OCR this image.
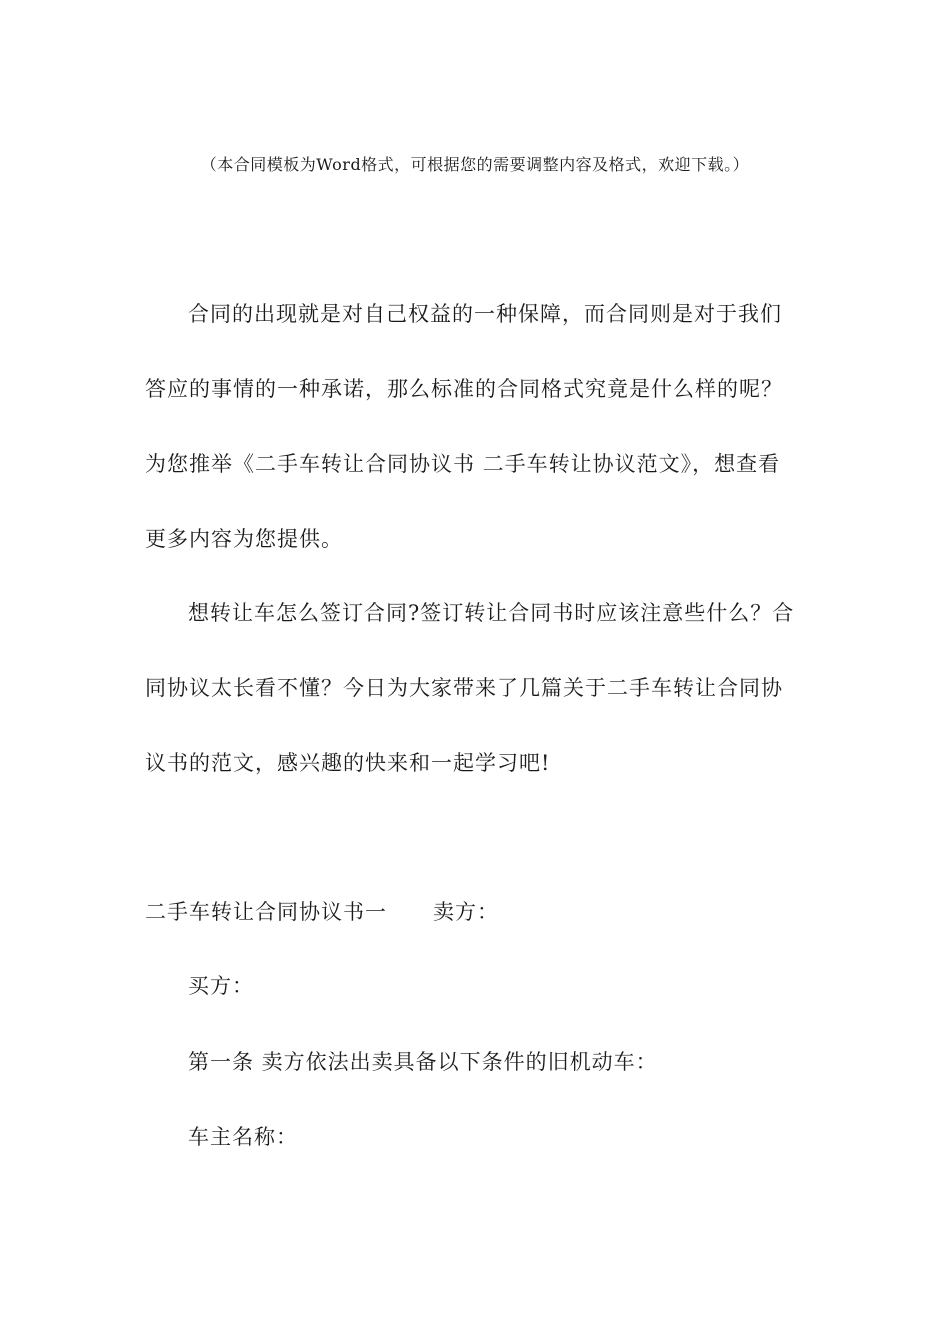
（本合同模板为Word格式，可根据您的需要调整内容及格式，欢迎下载。）
合同的出现就是对自己权益的一种保障，而合同则是对于我们
答应的事情的一种承诺，那么标准的合同格式究竟是什么样的呢？
为您推举《二手车转让合同协议书 二手车转让协议范文》，想查看
更多内容为您提供。
想转让车怎么签订合同?签订转让合同书时应该注意些什么？合
同协议太长看不懂？今日为大家带来了几篇关于二手车转让合同协
议书的范文，感兴趣的快来和一起学习吧!
二手车转让合同协议书一 卖方：
买方：
第一条 卖方依法出卖具备以下条件的旧机动车：
车主名称：
